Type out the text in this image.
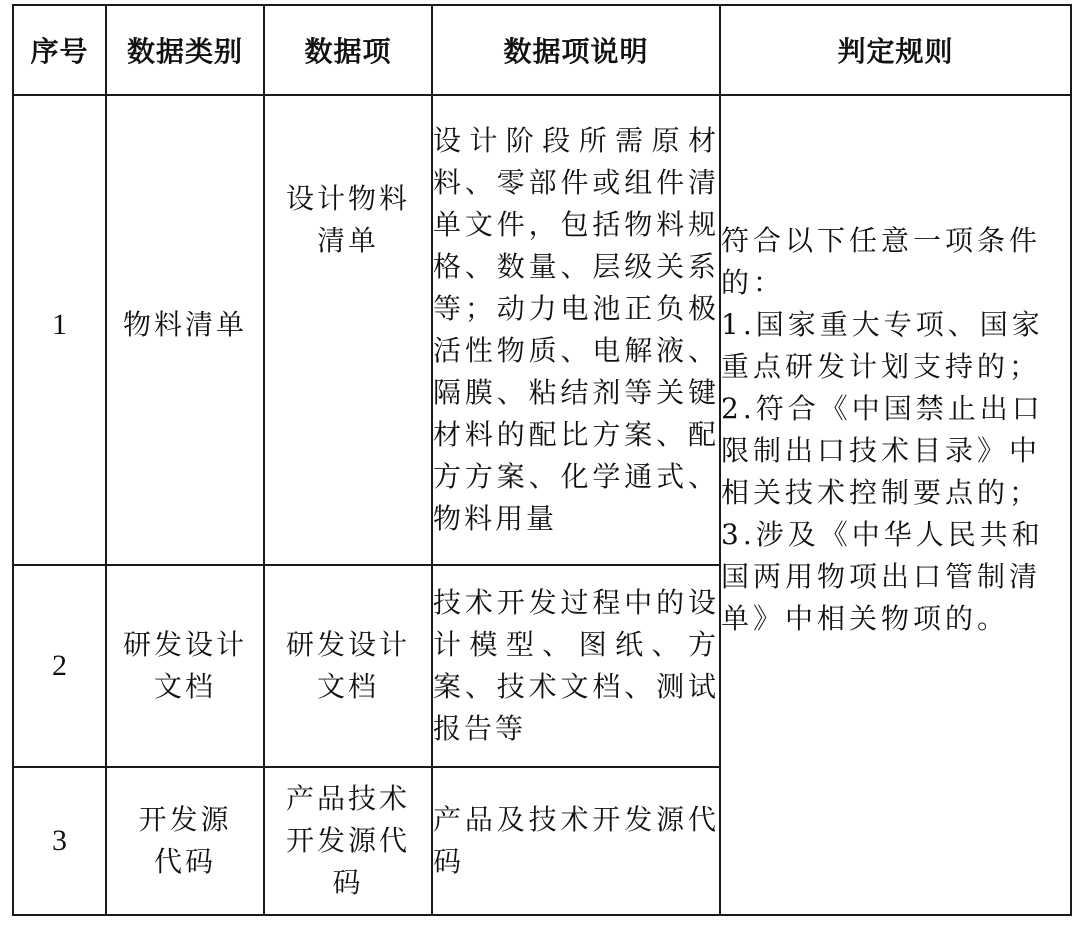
序号	数据类别	数据项	数据项说明	判定规则

1	物料清单	设计物料清单	设计阶段所需原材料、零部件或组件清单文件，包括物料规格、数量、层级关系等；动力电池正负极活性物质、电解液、隔膜、粘结剂等关键材料的配比方案、配方方案、化学通式、物料用量	符合以下任意一项条件的：
1.国家重大专项、国家重点研发计划支持的；
2.符合《中国禁止出口限制出口技术目录》中相关技术控制要点的；
3.涉及《中华人民共和国两用物项出口管制清单》中相关物项的。

2	研发设计文档	研发设计文档	技术开发过程中的设计模型、图纸、方案、技术文档、测试报告等	

3	开发源代码	产品技术开发源代码	产品及技术开发源代码	
